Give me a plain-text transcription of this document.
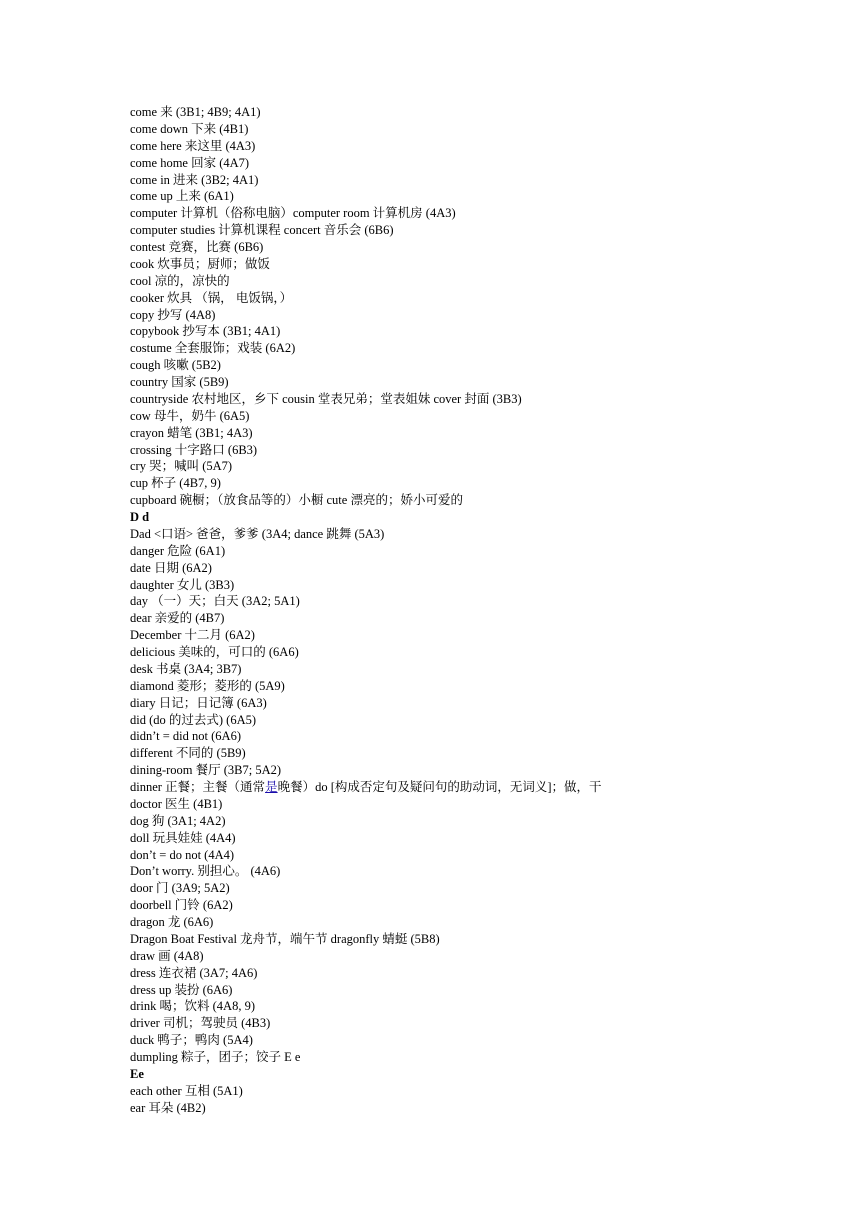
come 来 (3B1; 4B9; 4A1)
come down 下来 (4B1)
come here 来这里 (4A3)
come home 回家 (4A7)
come in 进来 (3B2; 4A1)
come up 上来 (6A1)
computer 计算机（俗称电脑）computer room 计算机房 (4A3)
computer studies 计算机课程 concert 音乐会 (6B6)
contest 竞赛，比赛 (6B6)
cook 炊事员；厨师；做饭
cool 凉的，凉快的
cooker 炊具 （锅， 电饭锅，）
copy 抄写 (4A8)
copybook 抄写本 (3B1; 4A1)
costume 全套服饰；戏装 (6A2)
cough 咳嗽 (5B2)
country 国家 (5B9)
countryside 农村地区，乡下 cousin 堂表兄弟；堂表姐妹 cover 封面 (3B3)
cow 母牛，奶牛 (6A5)
crayon 蜡笔 (3B1; 4A3)
crossing 十字路口 (6B3)
cry 哭；喊叫 (5A7)
cup 杯子 (4B7, 9)
cupboard 碗橱；（放食品等的）小橱 cute 漂亮的；娇小可爱的
D d
Dad <口语> 爸爸，爹爹 (3A4; dance 跳舞 (5A3)
danger 危险 (6A1)
date 日期 (6A2)
daughter 女儿 (3B3)
day （一）天；白天 (3A2; 5A1)
dear 亲爱的 (4B7)
December 十二月 (6A2)
delicious 美味的，可口的 (6A6)
desk 书桌 (3A4; 3B7)
diamond 菱形；菱形的 (5A9)
diary 日记；日记簿 (6A3)
did (do 的过去式) (6A5)
didn’t = did not (6A6)
different 不同的 (5B9)
dining-room 餐厅 (3B7; 5A2)
dinner 正餐；主餐（通常是晚餐）do [构成否定句及疑问句的助动词，无词义]；做，干
doctor 医生 (4B1)
dog 狗 (3A1; 4A2)
doll 玩具娃娃 (4A4)
don’t = do not (4A4)
Don’t worry. 别担心。 (4A6)
door 门 (3A9; 5A2)
doorbell 门铃 (6A2)
dragon 龙 (6A6)
Dragon Boat Festival 龙舟节，端午节 dragonfly 蜻蜓 (5B8)
draw 画 (4A8)
dress 连衣裙 (3A7; 4A6)
dress up 装扮 (6A6)
drink 喝；饮料 (4A8, 9)
driver 司机；驾驶员 (4B3)
duck 鸭子；鸭肉 (5A4)
dumpling 粽子，团子；饺子 E e
Ee
each other 互相 (5A1)
ear 耳朵 (4B2)
